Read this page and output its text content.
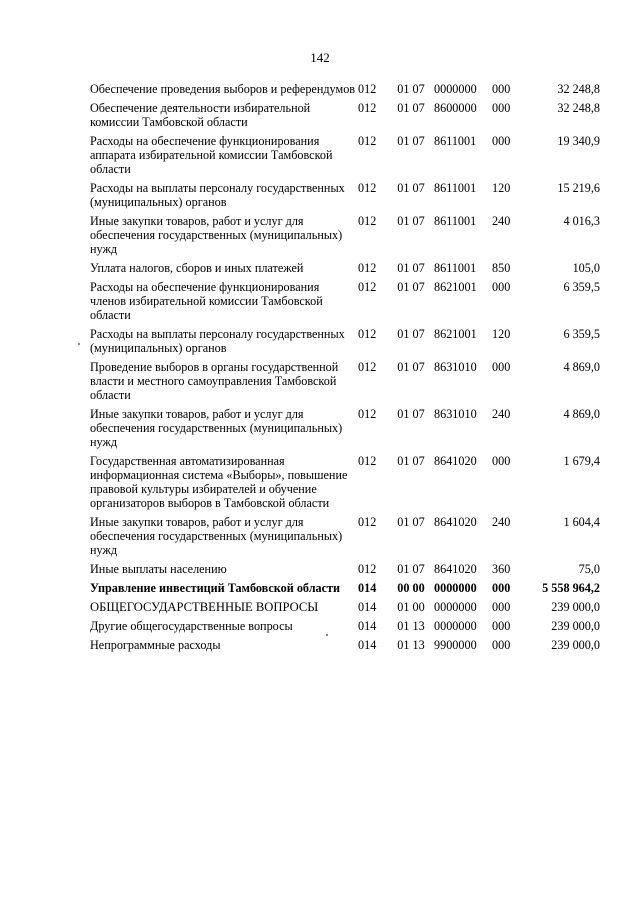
142
Обеспечение проведения выборов и референдумов	012	01 07	0000000	000	32 248,8
Обеспечение деятельности избирательной комиссии Тамбовской области	012	01 07	8600000	000	32 248,8
Расходы на обеспечение функционирования аппарата избирательной комиссии Тамбовской области	012	01 07	8611001	000	19 340,9
Расходы на выплаты персоналу государственных (муниципальных) органов	012	01 07	8611001	120	15 219,6
Иные закупки товаров, работ и услуг для обеспечения государственных (муниципальных) нужд	012	01 07	8611001	240	4 016,3
Уплата налогов, сборов и иных платежей	012	01 07	8611001	850	105,0
Расходы на обеспечение функционирования членов избирательной комиссии Тамбовской области	012	01 07	8621001	000	6 359,5
Расходы на выплаты персоналу государственных (муниципальных) органов	012	01 07	8621001	120	6 359,5
Проведение выборов в органы государственной власти и местного самоуправления Тамбовской области	012	01 07	8631010	000	4 869,0
Иные закупки товаров, работ и услуг для обеспечения государственных (муниципальных) нужд	012	01 07	8631010	240	4 869,0
Государственная автоматизированная информационная система «Выборы», повышение правовой культуры избирателей и обучение организаторов выборов в Тамбовской области	012	01 07	8641020	000	1 679,4
Иные закупки товаров, работ и услуг для обеспечения государственных (муниципальных) нужд	012	01 07	8641020	240	1 604,4
Иные выплаты населению	012	01 07	8641020	360	75,0
Управление инвестиций Тамбовской области	014	00 00	0000000	000	5 558 964,2
ОБЩЕГОСУДАРСТВЕННЫЕ ВОПРОСЫ	014	01 00	0000000	000	239 000,0
Другие общегосударственные вопросы	014	01 13	0000000	000	239 000,0
Непрограммные расходы	014	01 13	9900000	000	239 000,0
